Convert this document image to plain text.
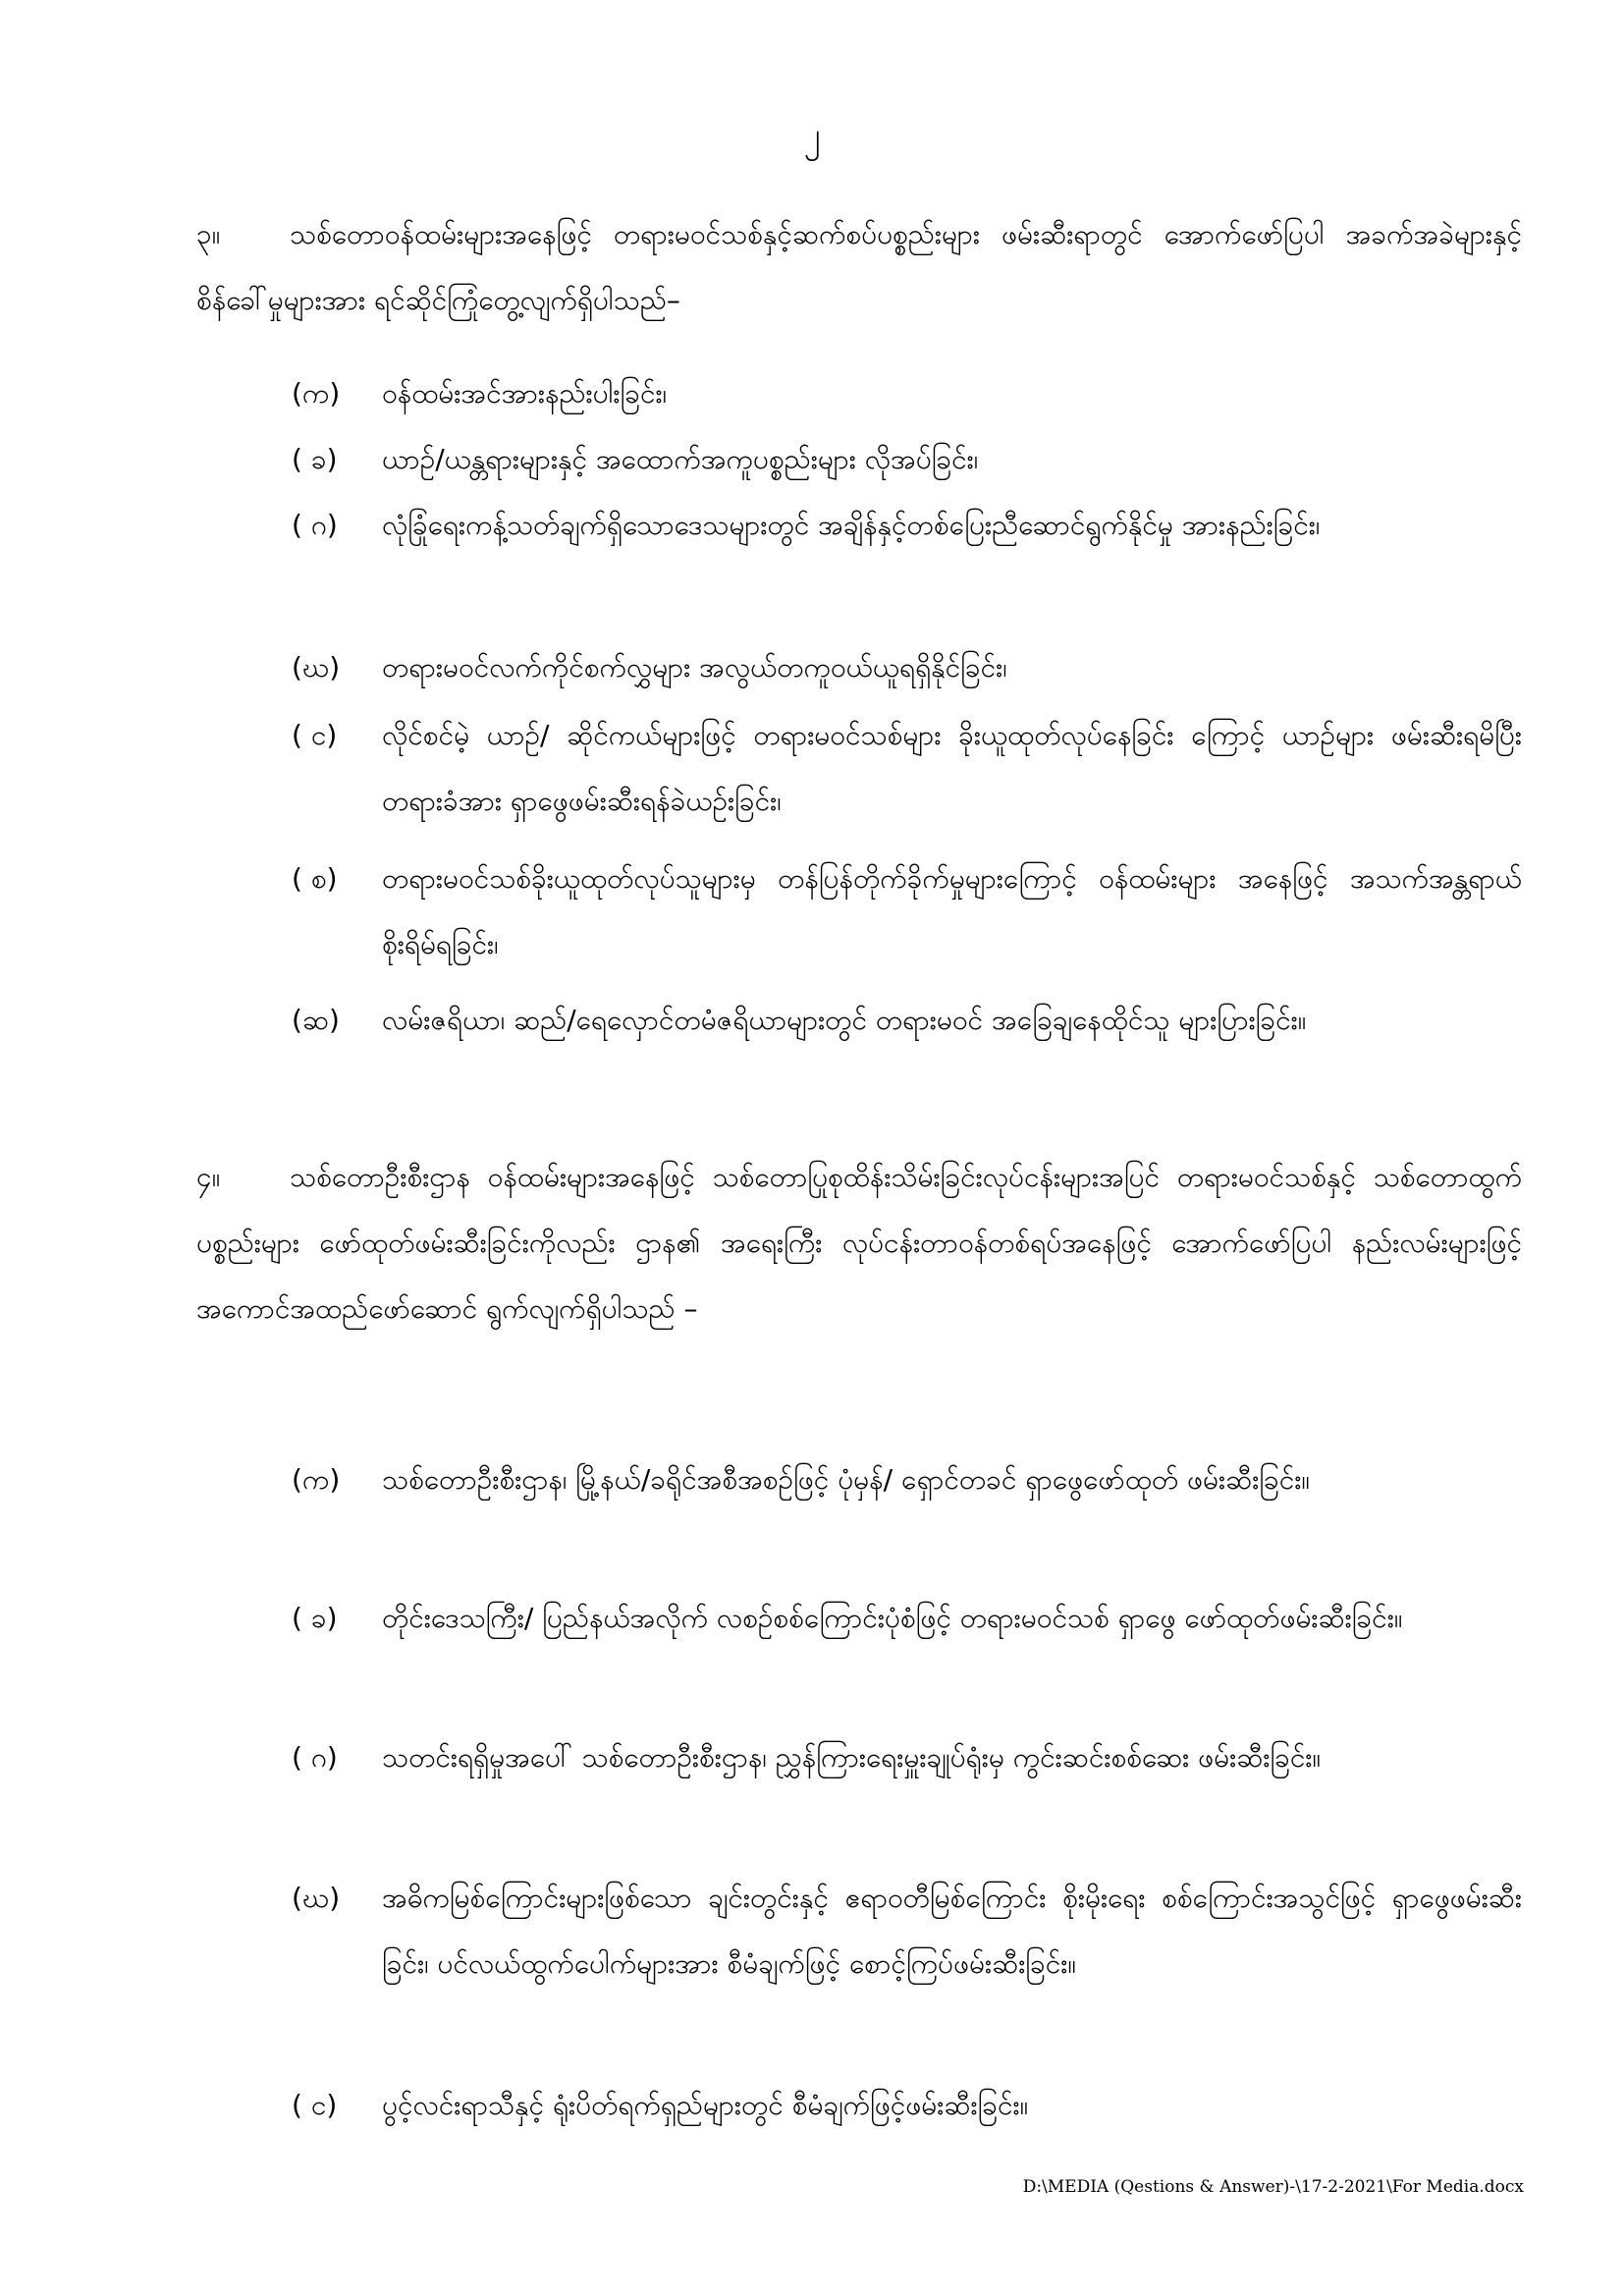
၂
၃။	သစ်တောဝန်ထမ်းများအနေဖြင့် တရားမဝင်သစ်နှင့်ဆက်စပ်ပစ္စည်းများ ဖမ်းဆီးရာတွင် အောက်ဖော်ပြပါ အခက်အခဲများနှင့် စိန်ခေါ်မှုများအား ရင်ဆိုင်ကြုံတွေ့လျက်ရှိပါသည်–
(က)	ဝန်ထမ်းအင်အားနည်းပါးခြင်း၊
( ခ)	ယာဉ်/ယန္တရားများနှင့် အထောက်အကူပစ္စည်းများ လိုအပ်ခြင်း၊
( ဂ)	လုံခြုံရေးကန့်သတ်ချက်ရှိသောဒေသများတွင် အချိန်နှင့်တစ်ပြေးညီဆောင်ရွက်နိုင်မှု အားနည်းခြင်း၊
(ဃ)	တရားမဝင်လက်ကိုင်စက်လွှများ အလွယ်တကူဝယ်ယူရရှိနိုင်ခြင်း၊
( င)	လိုင်စင်မဲ့ ယာဉ်/ ဆိုင်ကယ်များဖြင့် တရားမဝင်သစ်များ ခိုးယူထုတ်လုပ်နေခြင်း ကြောင့် ယာဉ်များ ဖမ်းဆီးရမိပြီး တရားခံအား ရှာဖွေဖမ်းဆီးရန်ခဲယဉ်းခြင်း၊
( စ)	တရားမဝင်သစ်ခိုးယူထုတ်လုပ်သူများမှ တန်ပြန်တိုက်ခိုက်မှုများကြောင့် ဝန်ထမ်းများ အနေဖြင့် အသက်အန္တရာယ်စိုးရိမ်ရခြင်း၊
(ဆ)	လမ်းဇရိယာ၊ ဆည်/ရေလှောင်တမံဇရိယာများတွင် တရားမဝင် အခြေချနေထိုင်သူ များပြားခြင်း။
၄။	သစ်တောဦးစီးဌာန ဝန်ထမ်းများအနေဖြင့် သစ်တောပြုစုထိန်းသိမ်းခြင်းလုပ်ငန်းများအပြင် တရားမဝင်သစ်နှင့် သစ်တောထွက်ပစ္စည်းများ ဖော်ထုတ်ဖမ်းဆီးခြင်းကိုလည်း ဌာန၏ အရေးကြီး လုပ်ငန်းတာဝန်တစ်ရပ်အနေဖြင့် အောက်ဖော်ပြပါ နည်းလမ်းများဖြင့် အကောင်အထည်ဖော်ဆောင် ရွက်လျက်ရှိပါသည် –
(က)	သစ်တောဦးစီးဌာန၊ မြို့နယ်/ခရိုင်အစီအစဉ်ဖြင့် ပုံမှန်/ ရှောင်တခင် ရှာဖွေဖော်ထုတ် ဖမ်းဆီးခြင်း။
( ခ)	တိုင်းဒေသကြီး/ ပြည်နယ်အလိုက် လစဉ်စစ်ကြောင်းပုံစံဖြင့် တရားမဝင်သစ် ရှာဖွေ ဖော်ထုတ်ဖမ်းဆီးခြင်း။
( ဂ)	သတင်းရရှိမှုအပေါ် သစ်တောဦးစီးဌာန၊ ညွှန်ကြားရေးမှူးချုပ်ရုံးမှ ကွင်းဆင်းစစ်ဆေး ဖမ်းဆီးခြင်း။
(ဃ)	အဓိကမြစ်ကြောင်းများဖြစ်သော ချင်းတွင်းနှင့် ဧရာဝတီမြစ်ကြောင်း စိုးမိုးရေး စစ်ကြောင်းအသွင်ဖြင့် ရှာဖွေဖမ်းဆီးခြင်း၊ ပင်လယ်ထွက်ပေါက်များအား စီမံချက်ဖြင့် စောင့်ကြပ်ဖမ်းဆီးခြင်း။
( င)	ပွင့်လင်းရာသီနှင့် ရုံးပိတ်ရက်ရှည်များတွင် စီမံချက်ဖြင့်ဖမ်းဆီးခြင်း။
D:\MEDIA (Qestions & Answer)-\17-2-2021\For Media.docx
